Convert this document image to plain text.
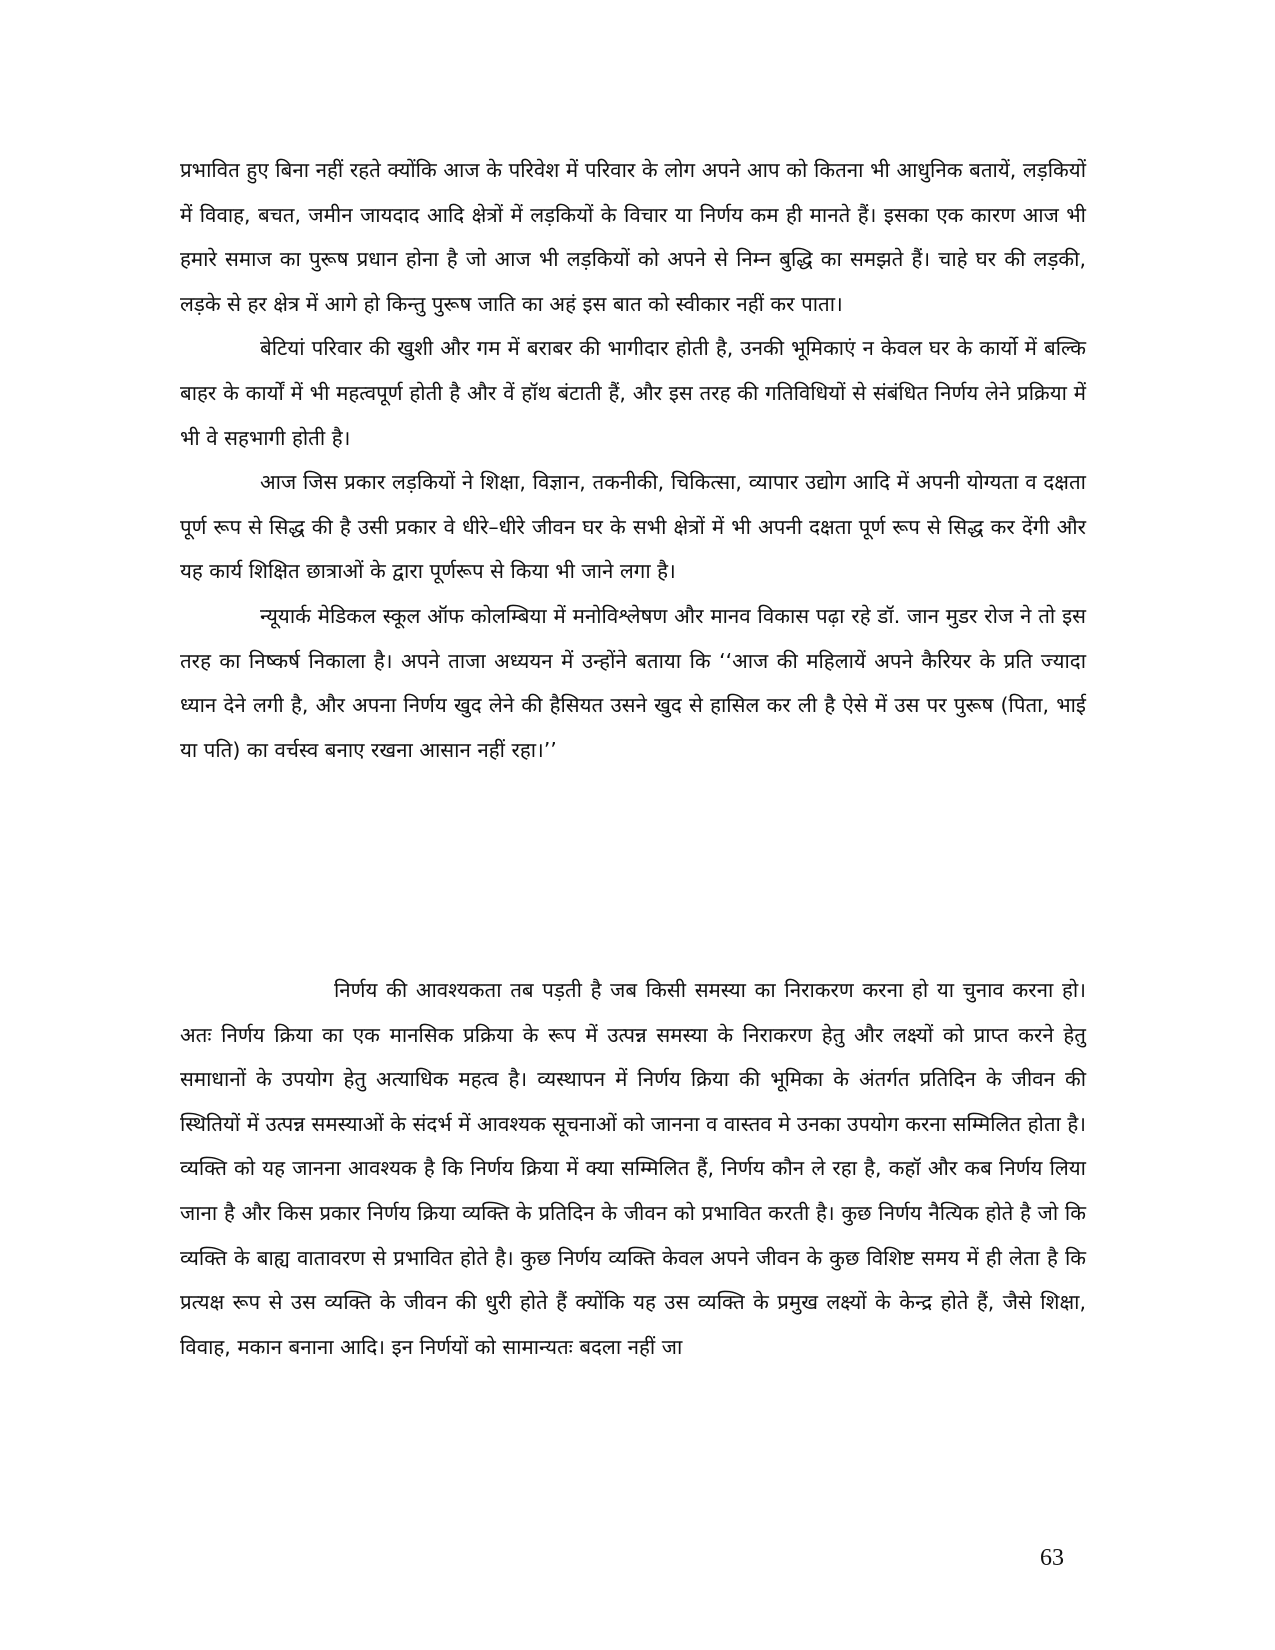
प्रभावित हुए बिना नहीं रहते क्योंकि आज के परिवेश में परिवार के लोग अपने आप को कितना भी आधुनिक बतायें, लड़कियों में विवाह, बचत, जमीन जायदाद आदि क्षेत्रों में लड़कियों के विचार या निर्णय कम ही मानते हैं। इसका एक कारण आज भी हमारे समाज का पुरूष प्रधान होना है जो आज भी लड़कियों को अपने से निम्न बुद्धि का समझते हैं। चाहे घर की लड़की, लड़के से हर क्षेत्र में आगे हो किन्तु पुरूष जाति का अहं इस बात को स्वीकार नहीं कर पाता।

बेटियां परिवार की खुशी और गम में बराबर की भागीदार होती है, उनकी भूमिकाएं न केवल घर के कार्यो में बल्कि बाहर के कार्यों में भी महत्वपूर्ण होती है और वें हॉथ बंटाती हैं, और इस तरह की गतिविधियों से संबंधित निर्णय लेने प्रक्रिया में भी वे सहभागी होती है।

आज जिस प्रकार लड़कियों ने शिक्षा, विज्ञान, तकनीकी, चिकित्सा, व्यापार उद्योग आदि में अपनी योग्यता व दक्षता पूर्ण रूप से सिद्ध की है उसी प्रकार वे धीरे–धीरे जीवन घर के सभी क्षेत्रों में भी अपनी दक्षता पूर्ण रूप से सिद्ध कर देंगी और यह कार्य शिक्षित छात्राओं के द्वारा पूर्णरूप से किया भी जाने लगा है।

न्यूयार्क मेडिकल स्कूल ऑफ कोलम्बिया में मनोविश्लेषण और मानव विकास पढ़ा रहे डॉ. जान मुडर रोज ने तो इस तरह का निष्कर्ष निकाला है। अपने ताजा अध्ययन में उन्होंने बताया कि ‘‘आज की महिलायें अपने कैरियर के प्रति ज्यादा ध्यान देने लगी है, और अपना निर्णय खुद लेने की हैसियत उसने खुद से हासिल कर ली है ऐसे में उस पर पुरूष (पिता, भाई या पति) का वर्चस्व बनाए रखना आसान नहीं रहा।’’

निर्णय की आवश्यकता तब पड़ती है जब किसी समस्या का निराकरण करना हो या चुनाव करना हो। अतः निर्णय क्रिया का एक मानसिक प्रक्रिया के रूप में उत्पन्न समस्या के निराकरण हेतु और लक्ष्यों को प्राप्त करने हेतु समाधानों के उपयोग हेतु अत्याधिक महत्व है। व्यस्थापन में निर्णय क्रिया की भूमिका के अंतर्गत प्रतिदिन के जीवन की स्थितियों में उत्पन्न समस्याओं के संदर्भ में आवश्यक सूचनाओं को जानना व वास्तव मे उनका उपयोग करना सम्मिलित होता है। व्यक्ति को यह जानना आवश्यक है कि निर्णय क्रिया में क्या सम्मिलित हैं, निर्णय कौन ले रहा है, कहॉ और कब निर्णय लिया जाना है और किस प्रकार निर्णय क्रिया व्यक्ति के प्रतिदिन के जीवन को प्रभावित करती है। कुछ निर्णय नैत्यिक होते है जो कि व्यक्ति के बाह्य वातावरण से प्रभावित होते है। कुछ निर्णय व्यक्ति केवल अपने जीवन के कुछ विशिष्ट समय में ही लेता है कि प्रत्यक्ष रूप से उस व्यक्ति के जीवन की धुरी होते हैं क्योंकि यह उस व्यक्ति के प्रमुख लक्ष्यों के केन्द्र होते हैं, जैसे शिक्षा, विवाह, मकान बनाना आदि। इन निर्णयों को सामान्यतः बदला नहीं जा

63
